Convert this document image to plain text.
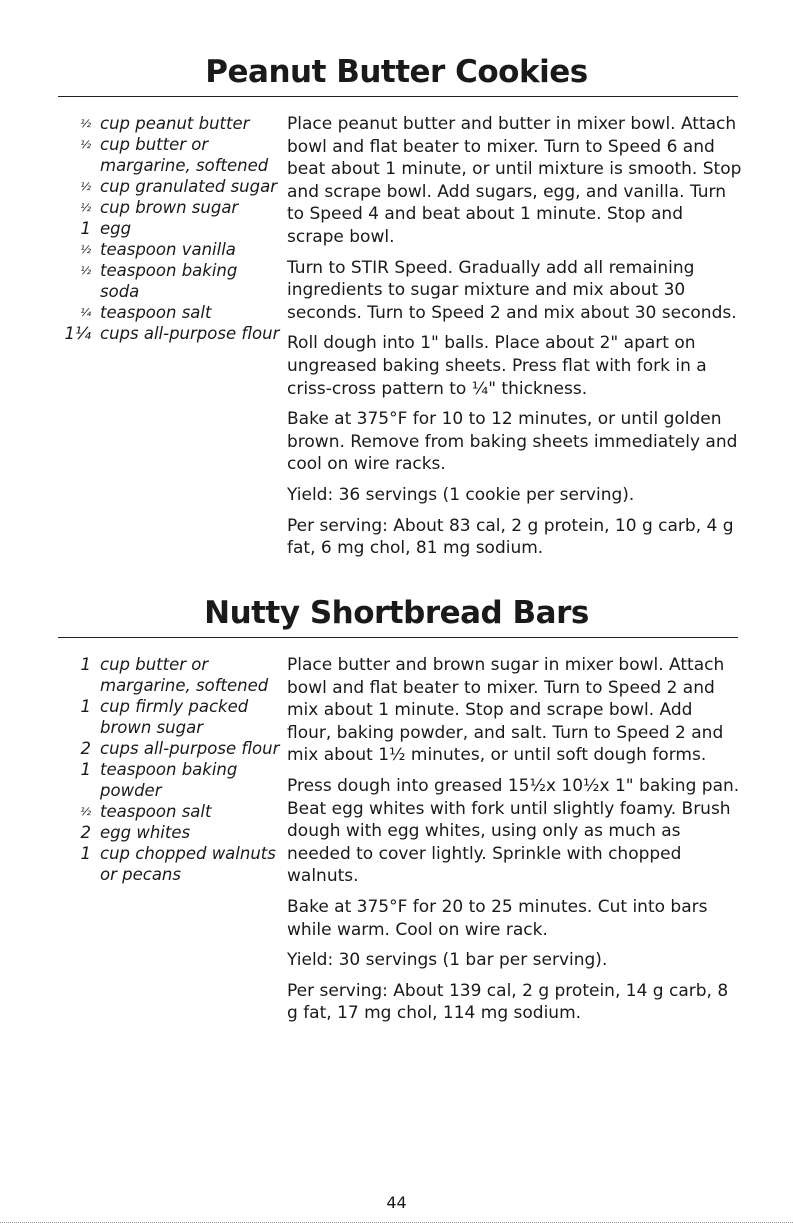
Peanut Butter Cookies
½ cup peanut butter
½ cup butter or margarine, softened
½ cup granulated sugar
½ cup brown sugar
1 egg
½ teaspoon vanilla
½ teaspoon baking soda
¼ teaspoon salt
1¼ cups all-purpose flour

Place peanut butter and butter in mixer bowl. Attach bowl and flat beater to mixer. Turn to Speed 6 and beat about 1 minute, or until mixture is smooth. Stop and scrape bowl. Add sugars, egg, and vanilla. Turn to Speed 4 and beat about 1 minute. Stop and scrape bowl.

Turn to STIR Speed. Gradually add all remaining ingredients to sugar mixture and mix about 30 seconds. Turn to Speed 2 and mix about 30 seconds.

Roll dough into 1" balls. Place about 2" apart on ungreased baking sheets. Press flat with fork in a criss-cross pattern to ¼" thickness.

Bake at 375°F for 10 to 12 minutes, or until golden brown. Remove from baking sheets immediately and cool on wire racks.

Yield: 36 servings (1 cookie per serving).

Per serving: About 83 cal, 2 g protein, 10 g carb, 4 g fat, 6 mg chol, 81 mg sodium.

Nutty Shortbread Bars
1 cup butter or margarine, softened
1 cup firmly packed brown sugar
2 cups all-purpose flour
1 teaspoon baking powder
½ teaspoon salt
2 egg whites
1 cup chopped walnuts or pecans

Place butter and brown sugar in mixer bowl. Attach bowl and flat beater to mixer. Turn to Speed 2 and mix about 1 minute. Stop and scrape bowl. Add flour, baking powder, and salt. Turn to Speed 2 and mix about 1½ minutes, or until soft dough forms.

Press dough into greased 15½x 10½x 1" baking pan. Beat egg whites with fork until slightly foamy. Brush dough with egg whites, using only as much as needed to cover lightly. Sprinkle with chopped walnuts.

Bake at 375°F for 20 to 25 minutes. Cut into bars while warm. Cool on wire rack.

Yield: 30 servings (1 bar per serving).

Per serving: About 139 cal, 2 g protein, 14 g carb, 8 g fat, 17 mg chol, 114 mg sodium.

44
